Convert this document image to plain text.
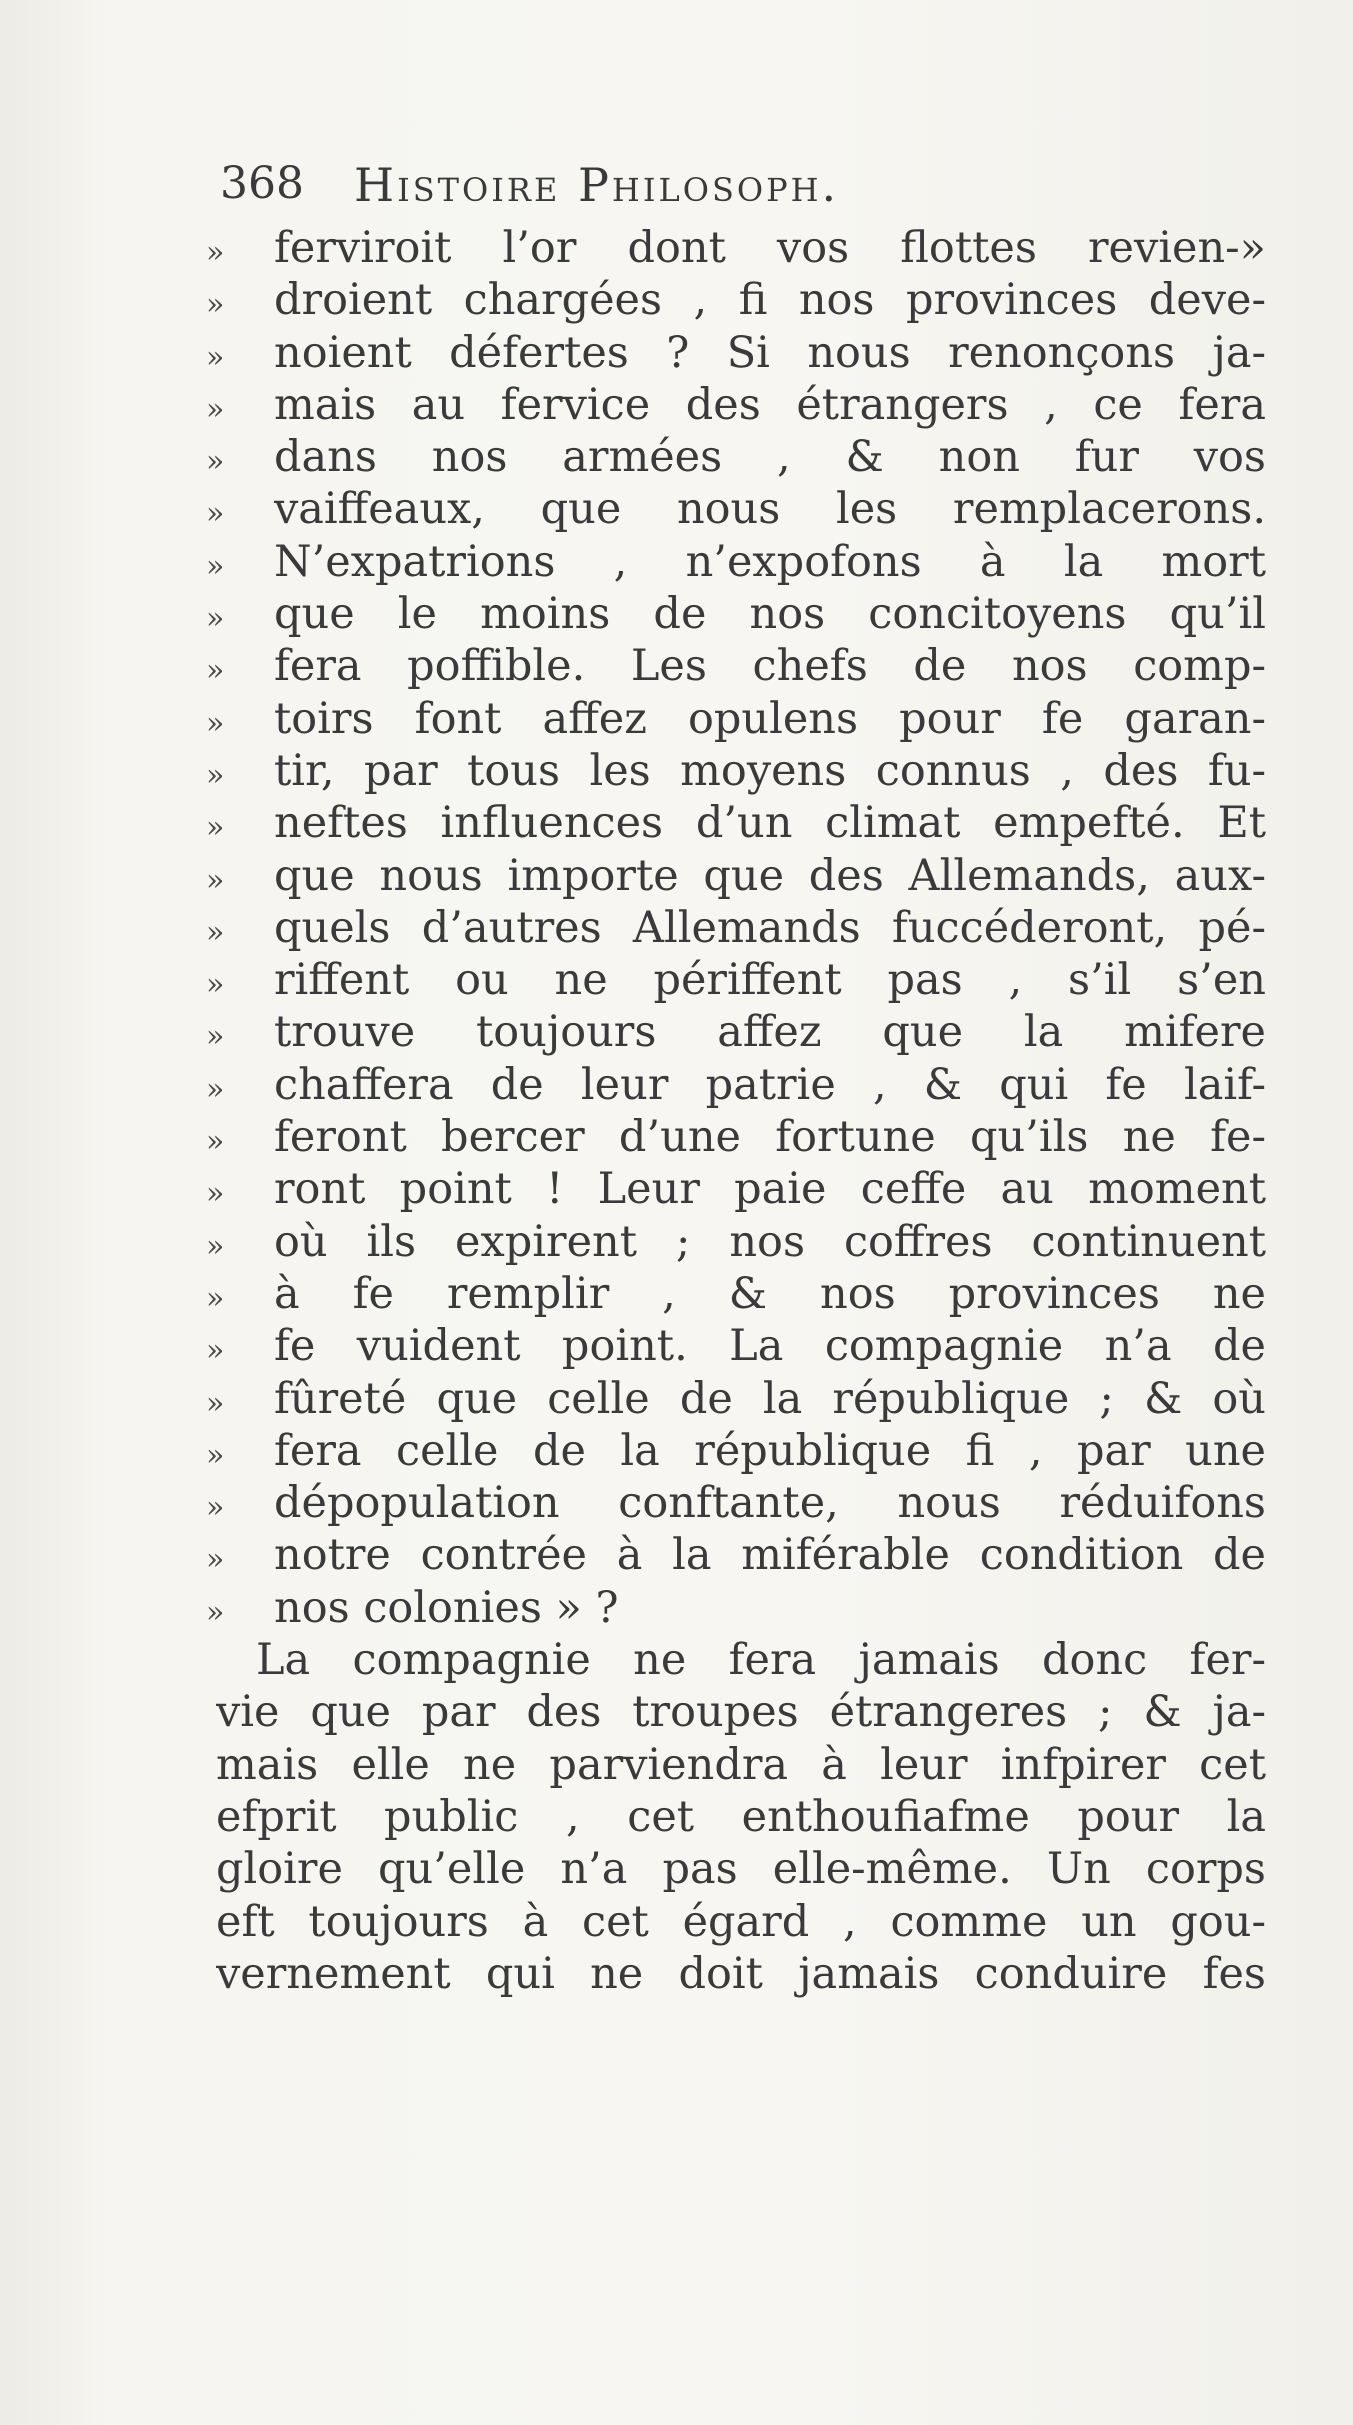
368 Histoire Philosoph.
»	ferviroit l’or dont vos flottes revien-»
»	droient chargées , fi nos provinces deve-
»	noient défertes ? Si nous renonçons ja-
»	mais au fervice des étrangers , ce fera
»	dans nos armées , & non fur vos
»	vaiffeaux, que nous les remplacerons.
»	N’expatrions , n’expofons à la mort
»	que le moins de nos concitoyens qu’il
»	fera poffible. Les chefs de nos comp-
»	toirs font affez opulens pour fe garan-
»	tir, par tous les moyens connus , des fu-
»	neftes influences d’un climat empefté. Et
»	que nous importe que des Allemands, aux-
»	quels d’autres Allemands fuccéderont, pé-
»	riffent ou ne périffent pas , s’il s’en
»	trouve toujours affez que la mifere
»	chaffera de leur patrie , & qui fe laif-
»	feront bercer d’une fortune qu’ils ne fe-
»	ront point ! Leur paie ceffe au moment
»	où ils expirent ; nos coffres continuent
»	à fe remplir , & nos provinces ne
»	fe vuident point. La compagnie n’a de
»	fûreté que celle de la république ; & où
»	fera celle de la république fi , par une
»	dépopulation conftante, nous réduifons
»	notre contrée à la miférable condition de
»	nos colonies » ?
La compagnie ne fera jamais donc fer-
vie que par des troupes étrangeres ; & ja-
mais elle ne parviendra à leur infpirer cet
efprit public , cet enthoufiafme pour la
gloire qu’elle n’a pas elle-même. Un corps
eft toujours à cet égard , comme un gou-
vernement qui ne doit jamais conduire fes
